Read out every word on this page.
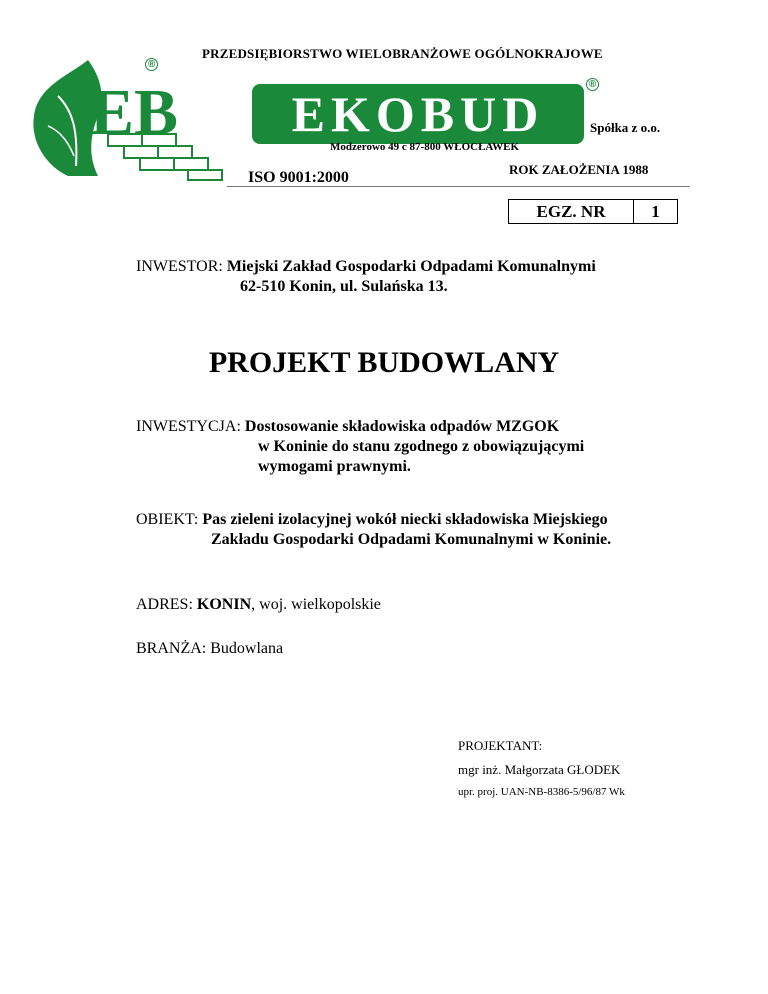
PRZEDSIĘBIORSTWO WIELOBRANŻOWE OGÓLNOKRAJOWE
®
®
EB EKOBUD	Spółka z o.o.
Modzerowo 49 c 87-800 WŁOCŁAWEK
ISO 9001:2000	ROK ZAŁOŻENIA 1988
EGZ. NR	1
INWESTOR: Miejski Zakład Gospodarki Odpadami Komunalnymi
62-510 Konin, ul. Sulańska 13.
PROJEKT BUDOWLANY
INWESTYCJA: Dostosowanie składowiska odpadów MZGOK
w Koninie do stanu zgodnego z obowiązującymi
wymogami prawnymi.
OBIEKT: Pas zieleni izolacyjnej wokół niecki składowiska Miejskiego
Zakładu Gospodarki Odpadami Komunalnymi w Koninie.
ADRES: KONIN, woj. wielkopolskie
BRANŻA: Budowlana
PROJEKTANT:
mgr inż. Małgorzata GŁODEK
upr. proj. UAN-NB-8386-5/96/87 Wk
